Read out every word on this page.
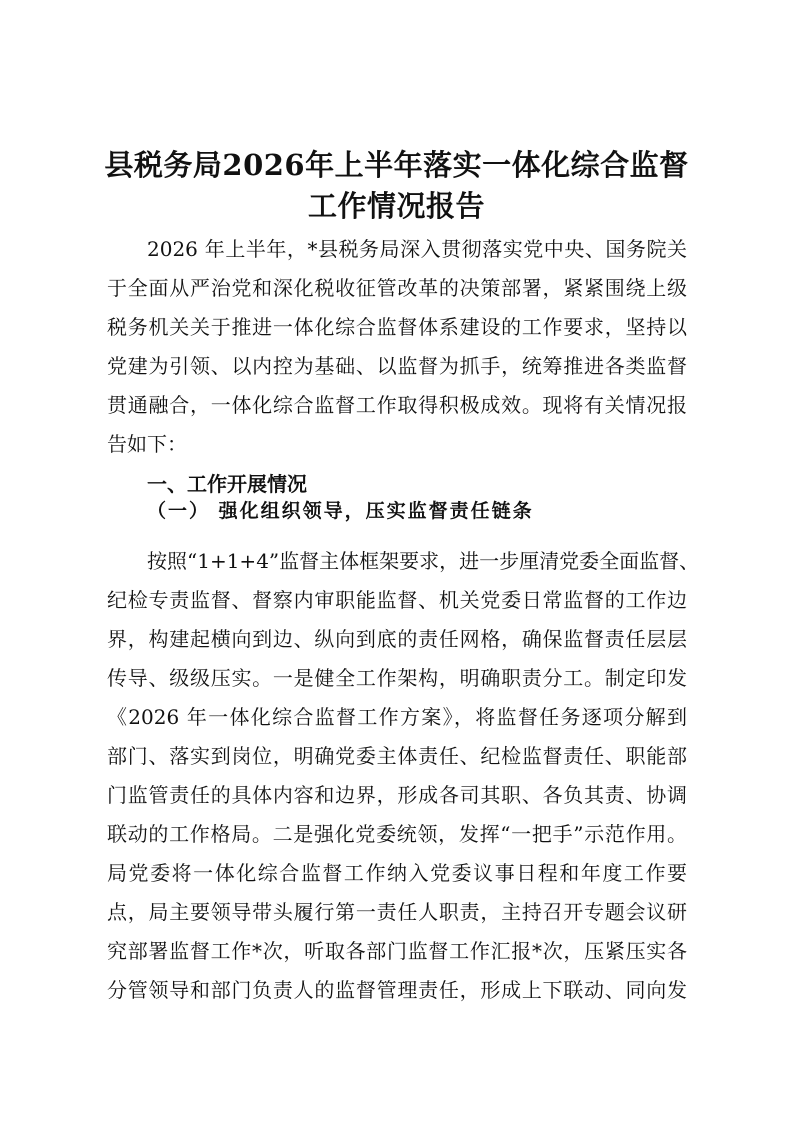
县税务局2026年上半年落实一体化综合监督
工作情况报告
2026 年上半年，*县税务局深入贯彻落实党中央、国务院关
于全面从严治党和深化税收征管改革的决策部署，紧紧围绕上级
税务机关关于推进一体化综合监督体系建设的工作要求，坚持以
党建为引领、以内控为基础、以监督为抓手，统筹推进各类监督
贯通融合，一体化综合监督工作取得积极成效。现将有关情况报
告如下：
一、工作开展情况
（一） 强化组织领导，压实监督责任链条
按照“1+1+4”监督主体框架要求，进一步厘清党委全面监督、
纪检专责监督、督察内审职能监督、机关党委日常监督的工作边
界，构建起横向到边、纵向到底的责任网格，确保监督责任层层
传导、级级压实。一是健全工作架构，明确职责分工。制定印发
《2026 年一体化综合监督工作方案》，将监督任务逐项分解到
部门、落实到岗位，明确党委主体责任、纪检监督责任、职能部
门监管责任的具体内容和边界，形成各司其职、各负其责、协调
联动的工作格局。二是强化党委统领，发挥“一把手”示范作用。
局党委将一体化综合监督工作纳入党委议事日程和年度工作要
点，局主要领导带头履行第一责任人职责，主持召开专题会议研
究部署监督工作*次，听取各部门监督工作汇报*次，压紧压实各
分管领导和部门负责人的监督管理责任，形成上下联动、同向发
